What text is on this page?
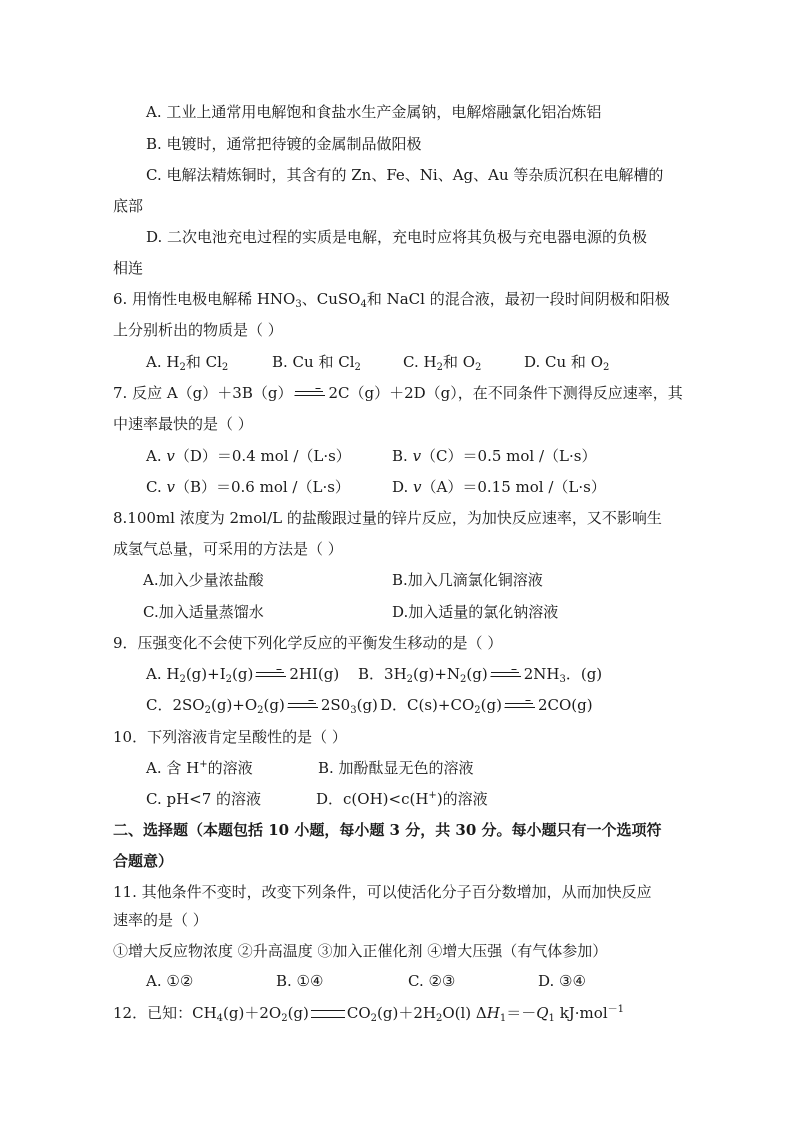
A. 工业上通常用电解饱和食盐水生产金属钠，电解熔融氯化铝冶炼铝
B. 电镀时，通常把待镀的金属制品做阳极
C. 电解法精炼铜时，其含有的 Zn、Fe、Ni、Ag、Au 等杂质沉积在电解槽的
底部
D. 二次电池充电过程的实质是电解，充电时应将其负极与充电器电源的负极
相连
6. 用惰性电极电解稀 $HNO_3$、CuSO$_4$和 NaCl 的混合液，最初一段时间阴极和阳极
上分别析出的物质是（ ）
A. $H_2$和 $Cl_2$	B. Cu 和 $Cl_2$	C. $H_2$和 $O_2$	D. Cu 和 $O_2$
7. 反应 A（g）＋3B（g） 2C（g）＋2D（g），在不同条件下测得反应速率，其
中速率最快的是（ ）
A. v（D）＝0.4 mol /（L·s）	B. v（C）＝0.5 mol /（L·s）
C. v（B）＝0.6 mol /（L·s）	D. v（A）＝0.15 mol /（L·s）
8.100ml 浓度为 2mol/L 的盐酸跟过量的锌片反应，为加快反应速率，又不影响生
成氢气总量，可采用的方法是（ ）
A.加入少量浓盐酸	B.加入几滴氯化铜溶液
C.加入适量蒸馏水	D.加入适量的氯化钠溶液
9．压强变化不会使下列化学反应的平衡发生移动的是（ ）
A. $H_2(g)+I_2(g)$ 2HI(g) B．$3H_2(g)+N_2(g)$ $2NH_3$．(g)
C．$2SO_2(g)+O_2(g)$ $2S0_3(g)$ D．$C(s)+CO_2(g)$ 2CO(g)
10．下列溶液肯定呈酸性的是（ ）
A. 含 H+的溶液	B. 加酚酞显无色的溶液
C. pH<7 的溶液	D．c(OH)<c(H+)的溶液
二、选择题（本题包括 10 小题，每小题 3 分，共 30 分。每小题只有一个选项符
合题意）
11. 其他条件不变时，改变下列条件，可以使活化分子百分数增加，从而加快反应
速率的是（ ）
①增大反应物浓度 ②升高温度 ③加入正催化剂 ④增大压强（有气体参加）
A. ①②	B. ①④	C. ②③	D. ③④
12．已知：$CH_4(g)+2O_2(g)$	$CO_2(g)+2H_2O(l)$ $\Delta H_1=-Q_1$ kJ·mol$^{-1}$
